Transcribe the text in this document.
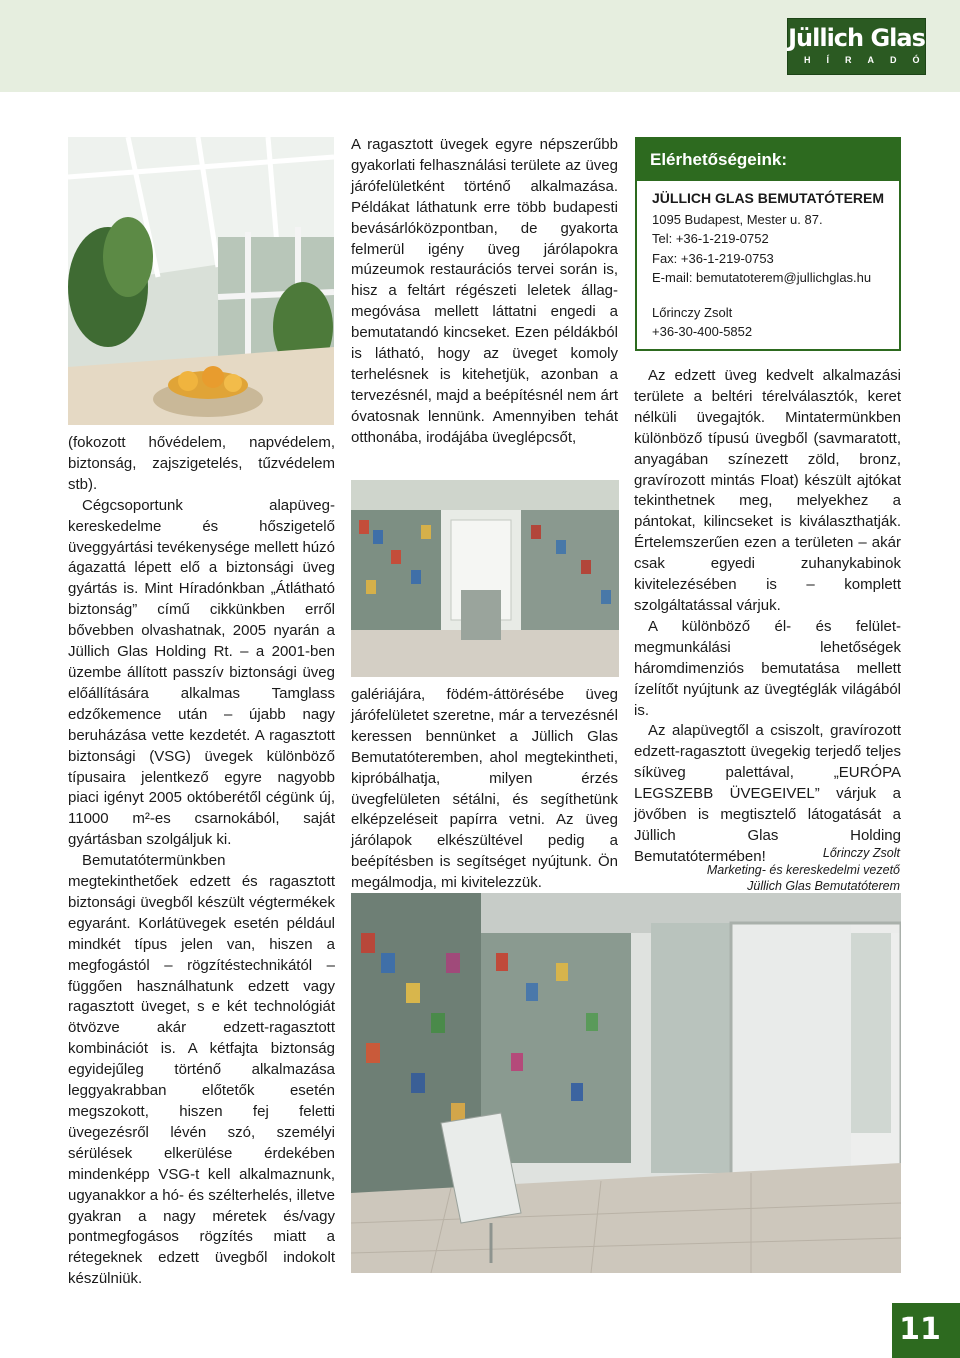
Jüllich Glas
HÍRADÓ

(fokozott hővédelem, napvédelem, biztonság, zajszigetelés, tűzvédelem stb).

Cégcsoportunk alapüveg-kereskedelme és hőszigetelő üveggyártási tevékenysége mellett húzó ágazattá lépett elő a biztonsági üveg gyártás is. Mint Híradónkban „Átlátható biztonság” című cikkünkben erről bővebben olvashatnak, 2005 nyarán a Jüllich Glas Holding Rt. – a 2001-ben üzembe állított passzív biztonsági üveg előállítására alkalmas Tamglass edzőkemence után – újabb nagy beruházása vette kezdetét. A ragasztott biztonsági (VSG) üvegek különböző típusaira jelentkező egyre nagyobb piaci igényt 2005 októberétől cégünk új, 11000 m²-es csarnokából, saját gyártásban szolgáljuk ki.

Bemutatótermünkben megtekinthetőek edzett és ragasztott biztonsági üvegből készült végtermékek egyaránt. Korlátüvegek esetén például mindkét típus jelen van, hiszen a megfogástól – rögzítéstechnikától – függően használhatunk edzett vagy ragasztott üveget, s e két technológiát ötvözve akár edzett-ragasztott kombinációt is. A kétfajta biztonság egyidejűleg történő alkalmazása leggyakrabban előtetők esetén megszokott, hiszen fej feletti üvegezésről lévén szó, személyi sérülések elkerülése érdekében mindenképp VSG-t kell alkalmaznunk, ugyanakkor a hó- és szélterhelés, illetve gyakran a nagy méretek és/vagy pontmegfogásos rögzítés miatt a rétegeknek edzett üvegből indokolt készülniük.

A ragasztott üvegek egyre népszerűbb gyakorlati felhasználási területe az üveg járófelületként történő alkalmazása. Példákat láthatunk erre több budapesti bevásárlóközpontban, de gyakorta felmerül igény üveg járólapokra múzeumok restaurációs tervei során is, hisz a feltárt régészeti leletek állag-megóvása mellett láttatni engedi a bemutatandó kincseket. Ezen példákból is látható, hogy az üveget komoly terhelésnek is kitehetjük, azonban a tervezésnél, majd a beépítésnél nem árt óvatosnak lennünk. Amennyiben tehát otthonába, irodájába üveglépcsőt,

galériájára, födém-áttörésébe üveg járófelületet szeretne, már a tervezésnél keressen bennünket a Jüllich Glas Bemutatóteremben, ahol megtekintheti, kipróbálhatja, milyen érzés üvegfelületen sétálni, és segíthetünk elképzeléseit papírra vetni. Az üveg járólapok elkészültével pedig a beépítésben is segítséget nyújtunk. Ön megálmodja, mi kivitelezzük.

Elérhetőségeink:
JÜLLICH GLAS BEMUTATÓTEREM
1095 Budapest, Mester u. 87.
Tel: +36-1-219-0752
Fax: +36-1-219-0753
E-mail: bemutatoterem@jullichglas.hu
Lőrinczy Zsolt
+36-30-400-5852

Az edzett üveg kedvelt alkalmazási területe a beltéri térelválasztók, keret nélküli üvegajtók. Mintatermünkben különböző típusú üvegből (savmaratott, anyagában színezett zöld, bronz, gravírozott mintás Float) készült ajtókat tekinthetnek meg, melyekhez a pántokat, kilincseket is kiválaszthatják. Értelemszerűen ezen a területen – akár csak egyedi zuhanykabinok kivitelezésében is – komplett szolgáltatással várjuk.

A különböző él- és felület-megmunkálási lehetőségek háromdimenziós bemutatása mellett ízelítőt nyújtunk az üvegtéglák világából is.

Az alapüvegtől a csiszolt, gravírozott edzett-ragasztott üvegekig terjedő teljes síküveg palettával, „EURÓPA LEGSZEBB ÜVEGEIVEL” várjuk a jövőben is megtisztelő látogatását a Jüllich Glas Holding Bemutatótermében!	Lőrinczy Zsolt
Marketing- és kereskedelmi vezető
Jüllich Glas Bemutatóterem
11
